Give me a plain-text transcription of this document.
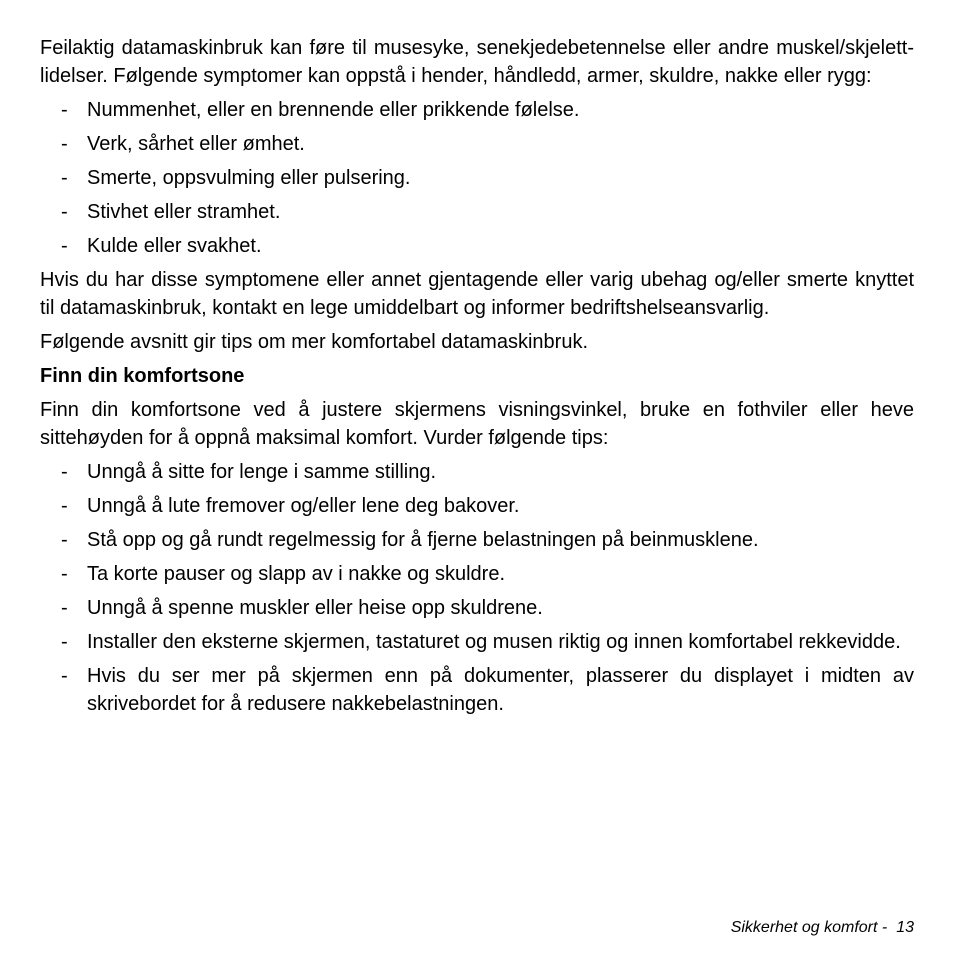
Feilaktig datamaskinbruk kan føre til musesyke, senekjedebetennelse eller andre muskel/skjelett-lidelser. Følgende symptomer kan oppstå i hender, håndledd, armer, skuldre, nakke eller rygg:

- Nummenhet, eller en brennende eller prikkende følelse.
- Verk, sårhet eller ømhet.
- Smerte, oppsvulming eller pulsering.
- Stivhet eller stramhet.
- Kulde eller svakhet.

Hvis du har disse symptomene eller annet gjentagende eller varig ubehag og/eller smerte knyttet til datamaskinbruk, kontakt en lege umiddelbart og informer bedriftshelseansvarlig.

Følgende avsnitt gir tips om mer komfortabel datamaskinbruk.

Finn din komfortsone

Finn din komfortsone ved å justere skjermens visningsvinkel, bruke en fothviler eller heve sittehøyden for å oppnå maksimal komfort. Vurder følgende tips:

- Unngå å sitte for lenge i samme stilling.
- Unngå å lute fremover og/eller lene deg bakover.
- Stå opp og gå rundt regelmessig for å fjerne belastningen på beinmusklene.
- Ta korte pauser og slapp av i nakke og skuldre.
- Unngå å spenne muskler eller heise opp skuldrene.
- Installer den eksterne skjermen, tastaturet og musen riktig og innen komfortabel rekkevidde.
- Hvis du ser mer på skjermen enn på dokumenter, plasserer du displayet i midten av skrivebordet for å redusere nakkebelastningen.
Sikkerhet og komfort - 13
